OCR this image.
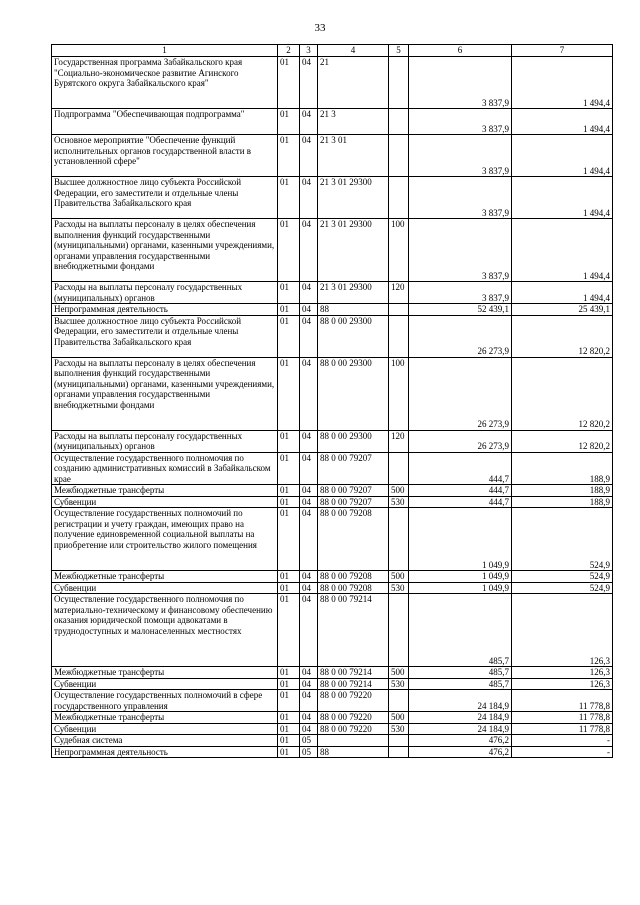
33
1	2	3	4	5	6	7
Государственная программа Забайкальского края "Социально-экономическое развитие Агинского Бурятского округа Забайкальского края"	01	04	21		3 837,9	1 494,4
Подпрограмма "Обеспечивающая подпрограмма"	01	04	21 3		3 837,9	1 494,4
Основное мероприятие "Обеспечение функций исполнительных органов государственной власти в установленной сфере"	01	04	21 3 01		3 837,9	1 494,4
Высшее должностное лицо субъекта Российской Федерации, его заместители и отдельные члены Правительства Забайкальского края	01	04	21 3 01 29300		3 837,9	1 494,4
Расходы на выплаты персоналу в целях обеспечения выполнения функций государственными (муниципальными) органами, казенными учреждениями, органами управления государственными внебюджетными фондами	01	04	21 3 01 29300	100	3 837,9	1 494,4
Расходы на выплаты персоналу государственных (муниципальных) органов	01	04	21 3 01 29300	120	3 837,9	1 494,4
Непрограммная деятельность	01	04	88		52 439,1	25 439,1
Высшее должностное лицо субъекта Российской Федерации, его заместители и отдельные члены Правительства Забайкальского края	01	04	88 0 00 29300		26 273,9	12 820,2
Расходы на выплаты персоналу в целях обеспечения выполнения функций государственными (муниципальными) органами, казенными учреждениями, органами управления государственными внебюджетными фондами	01	04	88 0 00 29300	100	26 273,9	12 820,2
Расходы на выплаты персоналу государственных (муниципальных) органов	01	04	88 0 00 29300	120	26 273,9	12 820,2
Осуществление государственного полномочия по созданию административных комиссий в Забайкальском крае	01	04	88 0 00 79207		444,7	188,9
Межбюджетные трансферты	01	04	88 0 00 79207	500	444,7	188,9
Субвенции	01	04	88 0 00 79207	530	444,7	188,9
Осуществление государственных полномочий по регистрации и учету граждан, имеющих право на получение единовременной социальной выплаты на приобретение или строительство жилого помещения	01	04	88 0 00 79208		1 049,9	524,9
Межбюджетные трансферты	01	04	88 0 00 79208	500	1 049,9	524,9
Субвенции	01	04	88 0 00 79208	530	1 049,9	524,9
Осуществление государственного полномочия по материально-техническому и финансовому обеспечению оказания юридической помощи адвокатами в труднодоступных и малонаселенных местностях	01	04	88 0 00 79214		485,7	126,3
Межбюджетные трансферты	01	04	88 0 00 79214	500	485,7	126,3
Субвенции	01	04	88 0 00 79214	530	485,7	126,3
Осуществление государственных полномочий в сфере государственного управления	01	04	88 0 00 79220		24 184,9	11 778,8
Межбюджетные трансферты	01	04	88 0 00 79220	500	24 184,9	11 778,8
Субвенции	01	04	88 0 00 79220	530	24 184,9	11 778,8
Судебная система	01	05			476,2	-
Непрограммная деятельность	01	05	88		476,2	-
